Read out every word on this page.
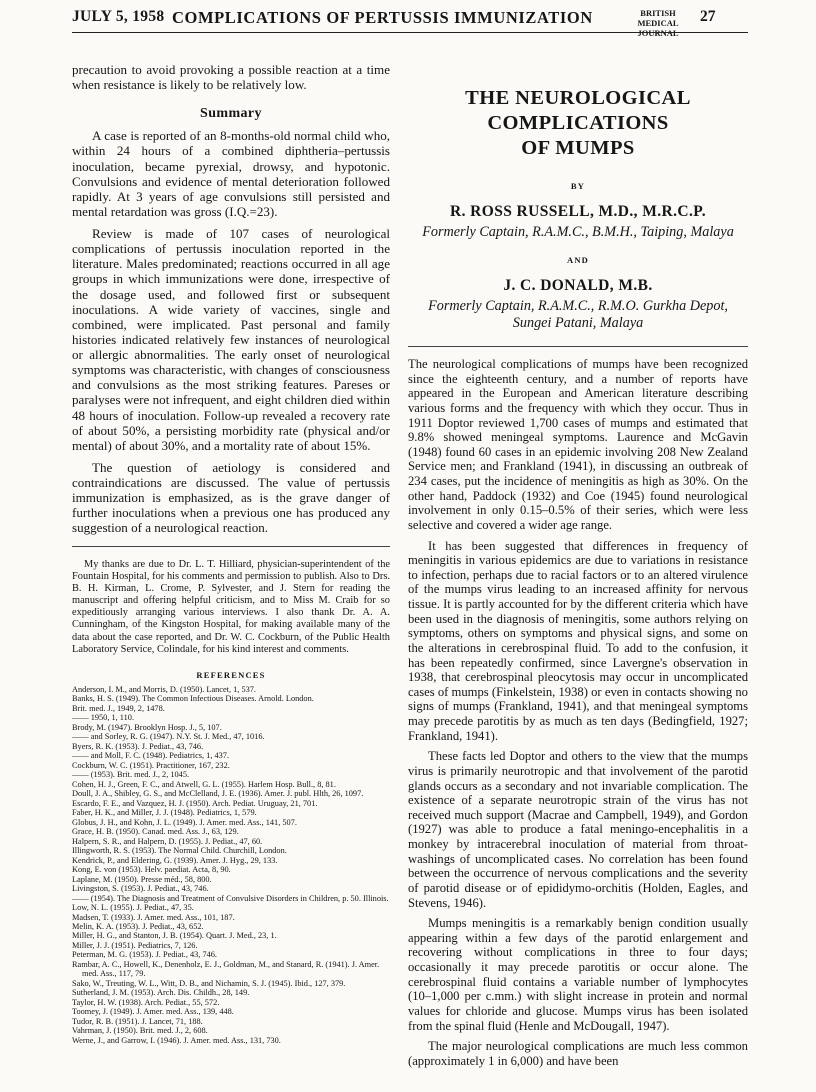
JULY 5, 1958 COMPLICATIONS OF PERTUSSIS IMMUNIZATION	BRITISH
MEDICAL JOURNAL
27

precaution to avoid provoking a possible reaction at a time when resistance is likely to be relatively low.

Summary

A case is reported of an 8-months-old normal child who, within 24 hours of a combined diphtheria–pertussis inoculation, became pyrexial, drowsy, and hypotonic. Convulsions and evidence of mental deterioration followed rapidly. At 3 years of age convulsions still persisted and mental retardation was gross (I.Q.=23).

Review is made of 107 cases of neurological complications of pertussis inoculation reported in the literature. Males predominated; reactions occurred in all age groups in which immunizations were done, irrespective of the dosage used, and followed first or subsequent inoculations. A wide variety of vaccines, single and combined, were implicated. Past personal and family histories indicated relatively few instances of neurological or allergic abnormalities. The early onset of neurological symptoms was characteristic, with changes of consciousness and convulsions as the most striking features. Pareses or paralyses were not infrequent, and eight children died within 48 hours of inoculation. Follow-up revealed a recovery rate of about 50%, a persisting morbidity rate (physical and/or mental) of about 30%, and a mortality rate of about 15%.

The question of aetiology is considered and contraindications are discussed. The value of pertussis immunization is emphasized, as is the grave danger of further inoculations when a previous one has produced any suggestion of a neurological reaction.

My thanks are due to Dr. L. T. Hilliard, physician-superintendent of the Fountain Hospital, for his comments and permission to publish. Also to Drs. B. H. Kirman, L. Crome, P. Sylvester, and J. Stern for reading the manuscript and offering helpful criticism, and to Miss M. Craib for so expeditiously arranging various interviews. I also thank Dr. A. A. Cunningham, of the Kingston Hospital, for making available many of the data about the case reported, and Dr. W. C. Cockburn, of the Public Health Laboratory Service, Colindale, for his kind interest and comments.

REFERENCES
Anderson, I. M., and Morris, D. (1950). Lancet, 1, 537.
Banks, H. S. (1949). The Common Infectious Diseases. Arnold. London.
Brit. med. J., 1949, 2, 1478.
—— 1950, 1, 110.
Brody, M. (1947). Brooklyn Hosp. J., 5, 107.
—— and Sorley, R. G. (1947). N.Y. St. J. Med., 47, 1016.
Byers, R. K. (1953). J. Pediat., 43, 746.
—— and Moll, F. C. (1948). Pediatrics, 1, 437.
Cockburn, W. C. (1951). Practitioner, 167, 232.
—— (1953). Brit. med. J., 2, 1045.
Cohen, H. J., Green, F. C., and Atwell, G. L. (1955). Harlem Hosp. Bull., 8, 81.
Doull, J. A., Shibley, G. S., and McClelland, J. E. (1936). Amer. J. publ. Hlth, 26, 1097.
Escardo, F. E., and Vazquez, H. J. (1950). Arch. Pediat. Uruguay, 21, 701.
Faber, H. K., and Miller, J. J. (1948). Pediatrics, 1, 579.
Globus, J. H., and Kohn, J. L. (1949). J. Amer. med. Ass., 141, 507.
Grace, H. B. (1950). Canad. med. Ass. J., 63, 129.
Halpern, S. R., and Halpern, D. (1955). J. Pediat., 47, 60.
Illingworth, R. S. (1953). The Normal Child. Churchill, London.
Kendrick, P., and Eldering, G. (1939). Amer. J. Hyg., 29, 133.
Kong, E. von (1953). Helv. paediat. Acta, 8, 90.
Laplane, M. (1950). Presse méd., 58, 800.
Livingston, S. (1953). J. Pediat., 43, 746.
—— (1954). The Diagnosis and Treatment of Convulsive Disorders in Children, p. 50. Illinois.
Low, N. L. (1955). J. Pediat., 47, 35.
Madsen, T. (1933). J. Amer. med. Ass., 101, 187.
Melin, K. A. (1953). J. Pediat., 43, 652.
Miller, H. G., and Stanton, J. B. (1954). Quart. J. Med., 23, 1.
Miller, J. J. (1951). Pediatrics, 7, 126.
Peterman, M. G. (1953). J. Pediat., 43, 746.
Rambar, A. C., Howell, K., Denenholz, E. J., Goldman, M., and Stanard, R. (1941). J. Amer. med. Ass., 117, 79.
Sako, W., Treuting, W. L., Witt, D. B., and Nichamin, S. J. (1945). Ibid., 127, 379.
Sutherland, J. M. (1953). Arch. Dis. Childh., 28, 149.
Taylor, H. W. (1938). Arch. Pediat., 55, 572.
Toomey, J. (1949). J. Amer. med. Ass., 139, 448.
Tudor, R. B. (1951). J. Lancet, 71, 188.
Vahrman, J. (1950). Brit. med. J., 2, 608.
Werne, J., and Garrow, I. (1946). J. Amer. med. Ass., 131, 730.
THE NEUROLOGICAL COMPLICATIONS
OF MUMPS
BY
R. ROSS RUSSELL, M.D., M.R.C.P.
Formerly Captain, R.A.M.C., B.M.H., Taiping, Malaya
AND
J. C. DONALD, M.B.
Formerly Captain, R.A.M.C., R.M.O. Gurkha Depot,
Sungei Patani, Malaya

The neurological complications of mumps have been recognized since the eighteenth century, and a number of reports have appeared in the European and American literature describing various forms and the frequency with which they occur. Thus in 1911 Doptor reviewed 1,700 cases of mumps and estimated that 9.8% showed meningeal symptoms. Laurence and McGavin (1948) found 60 cases in an epidemic involving 208 New Zealand Service men; and Frankland (1941), in discussing an outbreak of 234 cases, put the incidence of meningitis as high as 30%. On the other hand, Paddock (1932) and Coe (1945) found neurological involvement in only 0.15–0.5% of their series, which were less selective and covered a wider age range.

It has been suggested that differences in frequency of meningitis in various epidemics are due to variations in resistance to infection, perhaps due to racial factors or to an altered virulence of the mumps virus leading to an increased affinity for nervous tissue. It is partly accounted for by the different criteria which have been used in the diagnosis of meningitis, some authors relying on symptoms, others on symptoms and physical signs, and some on the alterations in cerebrospinal fluid. To add to the confusion, it has been repeatedly confirmed, since Lavergne's observation in 1938, that cerebrospinal pleocytosis may occur in uncomplicated cases of mumps (Finkelstein, 1938) or even in contacts showing no signs of mumps (Frankland, 1941), and that meningeal symptoms may precede parotitis by as much as ten days (Bedingfield, 1927; Frankland, 1941).

These facts led Doptor and others to the view that the mumps virus is primarily neurotropic and that involvement of the parotid glands occurs as a secondary and not invariable complication. The existence of a separate neurotropic strain of the virus has not received much support (Macrae and Campbell, 1949), and Gordon (1927) was able to produce a fatal meningo-encephalitis in a monkey by intracerebral inoculation of material from throat-washings of uncomplicated cases. No correlation has been found between the occurrence of nervous complications and the severity of parotid disease or of epididymo-orchitis (Holden, Eagles, and Stevens, 1946).

Mumps meningitis is a remarkably benign condition usually appearing within a few days of the parotid enlargement and recovering without complications in three to four days; occasionally it may precede parotitis or occur alone. The cerebrospinal fluid contains a variable number of lymphocytes (10–1,000 per c.mm.) with slight increase in protein and normal values for chloride and glucose. Mumps virus has been isolated from the spinal fluid (Henle and McDougall, 1947).

The major neurological complications are much less common (approximately 1 in 6,000) and have been
